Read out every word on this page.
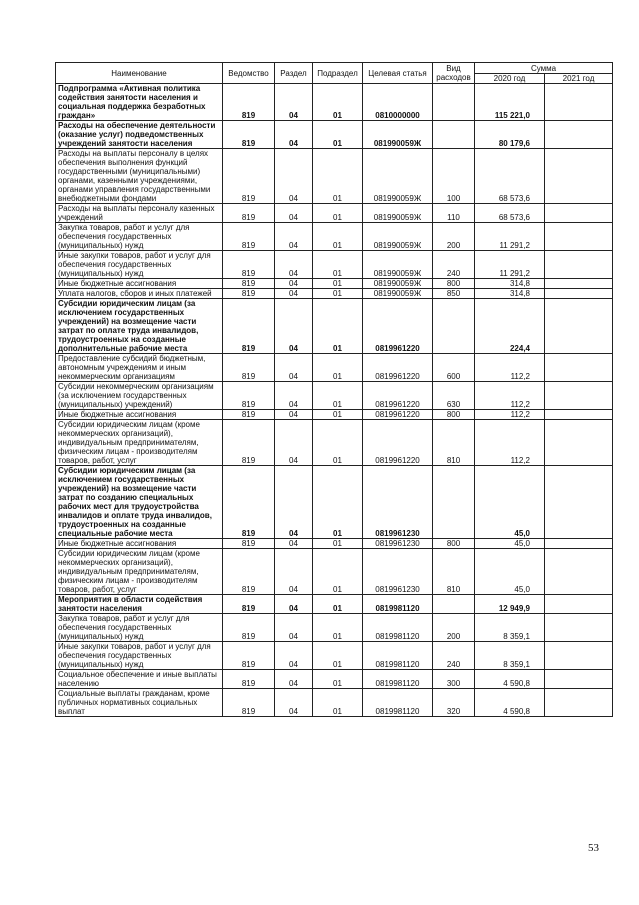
Наименование	Ведомство	Раздел	Подраздел	Целевая статья	Вид расходов	Сумма	
						2020 год	2021 год
Подпрограмма «Активная политика содействия занятости населения и социальная поддержка безработных граждан»	819	04	01	0810000000		115 221,0	
Расходы на обеспечение деятельности (оказание услуг) подведомственных учреждений занятости населения	819	04	01	081990059Ж		80 179,6	
Расходы на выплаты персоналу в целях обеспечения выполнения функций государственными (муниципальными) органами, казенными учреждениями, органами управления государственными внебюджетными фондами	819	04	01	081990059Ж	100	68 573,6	
Расходы на выплаты персоналу казенных учреждений	819	04	01	081990059Ж	110	68 573,6	
Закупка товаров, работ и услуг для обеспечения государственных (муниципальных) нужд	819	04	01	081990059Ж	200	11 291,2	
Иные закупки товаров, работ и услуг для обеспечения государственных (муниципальных) нужд	819	04	01	081990059Ж	240	11 291,2	
Иные бюджетные ассигнования	819	04	01	081990059Ж	800	314,8	
Уплата налогов, сборов и иных платежей	819	04	01	081990059Ж	850	314,8	
Субсидии юридическим лицам (за исключением государственных учреждений) на возмещение части затрат по оплате труда инвалидов, трудоустроенных на созданные дополнительные рабочие места	819	04	01	0819961220		224,4	
Предоставление субсидий бюджетным, автономным учреждениям и иным некоммерческим организациям	819	04	01	0819961220	600	112,2	
Субсидии некоммерческим организациям (за исключением государственных (муниципальных) учреждений)	819	04	01	0819961220	630	112,2	
Иные бюджетные ассигнования	819	04	01	0819961220	800	112,2	
Субсидии юридическим лицам (кроме некоммерческих организаций), индивидуальным предпринимателям, физическим лицам - производителям товаров, работ, услуг	819	04	01	0819961220	810	112,2	
Субсидии юридическим лицам (за исключением государственных учреждений) на возмещение части затрат по созданию специальных рабочих мест для трудоустройства инвалидов и оплате труда инвалидов, трудоустроенных на созданные специальные рабочие места	819	04	01	0819961230		45,0	
Иные бюджетные ассигнования	819	04	01	0819961230	800	45,0	
Субсидии юридическим лицам (кроме некоммерческих организаций), индивидуальным предпринимателям, физическим лицам - производителям товаров, работ, услуг	819	04	01	0819961230	810	45,0	
Мероприятия в области содействия занятости населения	819	04	01	0819981120		12 949,9	
Закупка товаров, работ и услуг для обеспечения государственных (муниципальных) нужд	819	04	01	0819981120	200	8 359,1	
Иные закупки товаров, работ и услуг для обеспечения государственных (муниципальных) нужд	819	04	01	0819981120	240	8 359,1	
Социальное обеспечение и иные выплаты населению	819	04	01	0819981120	300	4 590,8	
Социальные выплаты гражданам, кроме публичных нормативных социальных выплат	819	04	01	0819981120	320	4 590,8	
53
